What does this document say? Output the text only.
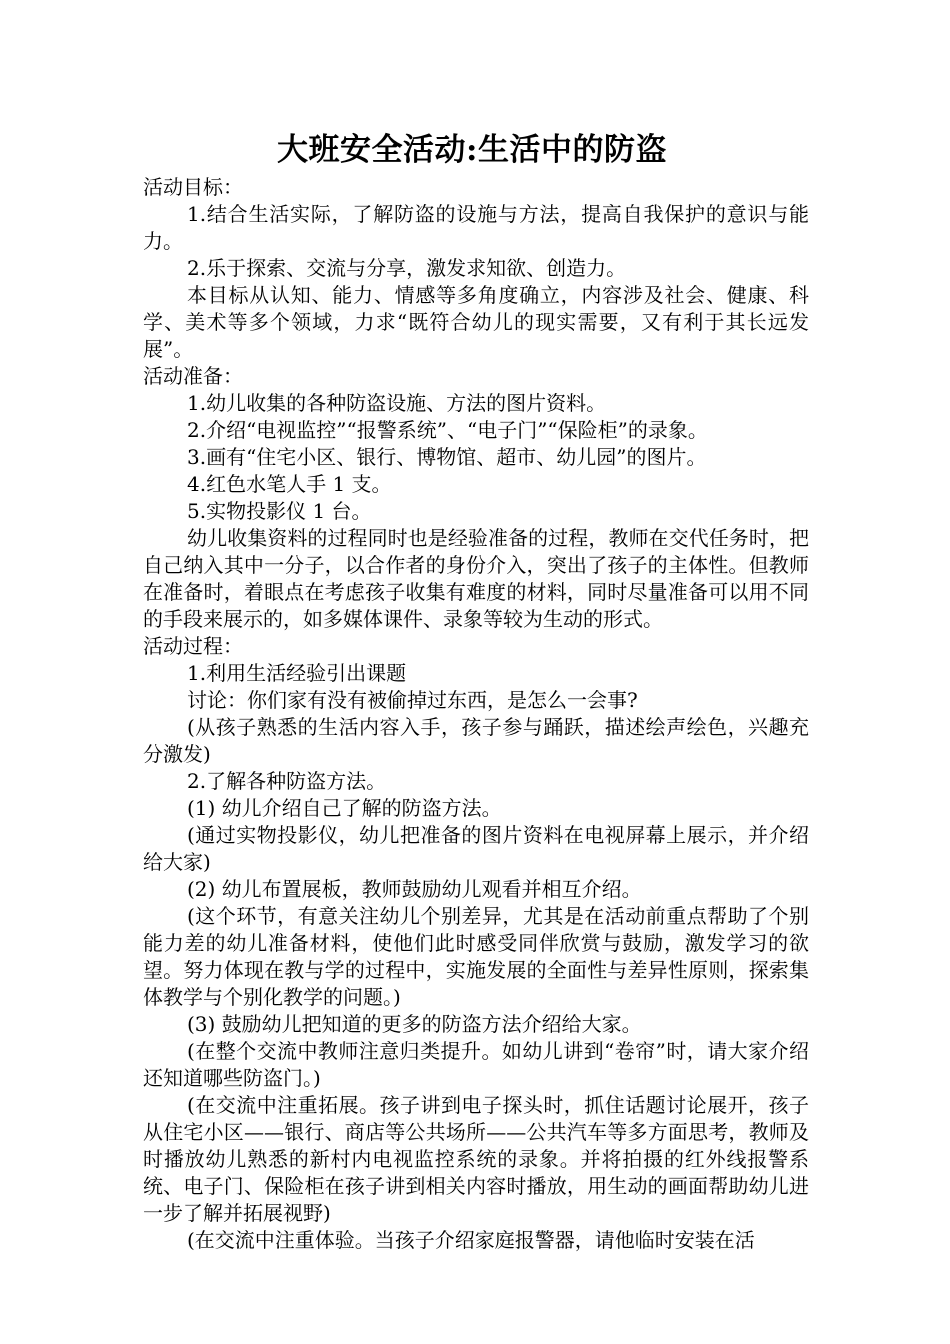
大班安全活动:生活中的防盗

活动目标：

1.结合生活实际，了解防盗的设施与方法，提高自我保护的意识与能力。

2.乐于探索、交流与分享，激发求知欲、创造力。

本目标从认知、能力、情感等多角度确立，内容涉及社会、健康、科学、美术等多个领域，力求“既符合幼儿的现实需要，又有利于其长远发展”。

活动准备：

1.幼儿收集的各种防盗设施、方法的图片资料。

2.介绍“电视监控”“报警系统”、“电子门”“保险柜”的录象。

3.画有“住宅小区、银行、博物馆、超市、幼儿园”的图片。

4.红色水笔人手 1 支。

5.实物投影仪 1 台。

幼儿收集资料的过程同时也是经验准备的过程，教师在交代任务时，把自己纳入其中一分子，以合作者的身份介入，突出了孩子的主体性。但教师在准备时，着眼点在考虑孩子收集有难度的材料，同时尽量准备可以用不同的手段来展示的，如多媒体课件、录象等较为生动的形式。

活动过程：

1.利用生活经验引出课题

讨论：你们家有没有被偷掉过东西，是怎么一会事?

(从孩子熟悉的生活内容入手，孩子参与踊跃，描述绘声绘色，兴趣充分激发)

2.了解各种防盗方法。

(1) 幼儿介绍自己了解的防盗方法。

(通过实物投影仪，幼儿把准备的图片资料在电视屏幕上展示，并介绍给大家)

(2) 幼儿布置展板，教师鼓励幼儿观看并相互介绍。

(这个环节，有意关注幼儿个别差异，尤其是在活动前重点帮助了个别能力差的幼儿准备材料，使他们此时感受同伴欣赏与鼓励，激发学习的欲望。努力体现在教与学的过程中，实施发展的全面性与差异性原则，探索集体教学与个别化教学的问题。)

(3) 鼓励幼儿把知道的更多的防盗方法介绍给大家。

(在整个交流中教师注意归类提升。如幼儿讲到“卷帘”时，请大家介绍还知道哪些防盗门。)

(在交流中注重拓展。孩子讲到电子探头时，抓住话题讨论展开，孩子从住宅小区——银行、商店等公共场所——公共汽车等多方面思考，教师及时播放幼儿熟悉的新村内电视监控系统的录象。并将拍摄的红外线报警系统、电子门、保险柜在孩子讲到相关内容时播放，用生动的画面帮助幼儿进一步了解并拓展视野)

(在交流中注重体验。当孩子介绍家庭报警器，请他临时安装在活
